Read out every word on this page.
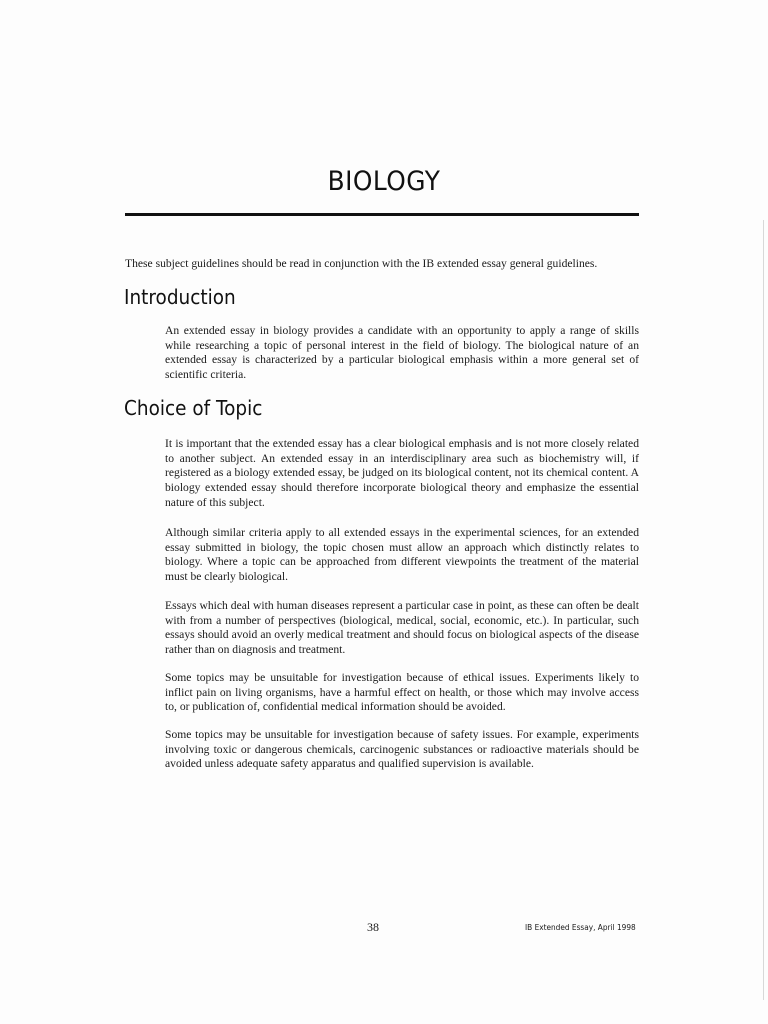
BIOLOGY

These subject guidelines should be read in conjunction with the IB extended essay general guidelines.

Introduction

An extended essay in biology provides a candidate with an opportunity to apply a range of skills while researching a topic of personal interest in the field of biology. The biological nature of an extended essay is characterized by a particular biological emphasis within a more general set of scientific criteria.

Choice of Topic

It is important that the extended essay has a clear biological emphasis and is not more closely related to another subject. An extended essay in an interdisciplinary area such as biochemistry will, if registered as a biology extended essay, be judged on its biological content, not its chemical content. A biology extended essay should therefore incorporate biological theory and emphasize the essential nature of this subject.

Although similar criteria apply to all extended essays in the experimental sciences, for an extended essay submitted in biology, the topic chosen must allow an approach which distinctly relates to biology. Where a topic can be approached from different viewpoints the treatment of the material must be clearly biological.

Essays which deal with human diseases represent a particular case in point, as these can often be dealt with from a number of perspectives (biological, medical, social, economic, etc.). In particular, such essays should avoid an overly medical treatment and should focus on biological aspects of the disease rather than on diagnosis and treatment.

Some topics may be unsuitable for investigation because of ethical issues. Experiments likely to inflict pain on living organisms, have a harmful effect on health, or those which may involve access to, or publication of, confidential medical information should be avoided.

Some topics may be unsuitable for investigation because of safety issues. For example, experiments involving toxic or dangerous chemicals, carcinogenic substances or radioactive materials should be avoided unless adequate safety apparatus and qualified supervision is available.

38	IB Extended Essay, April 1998
